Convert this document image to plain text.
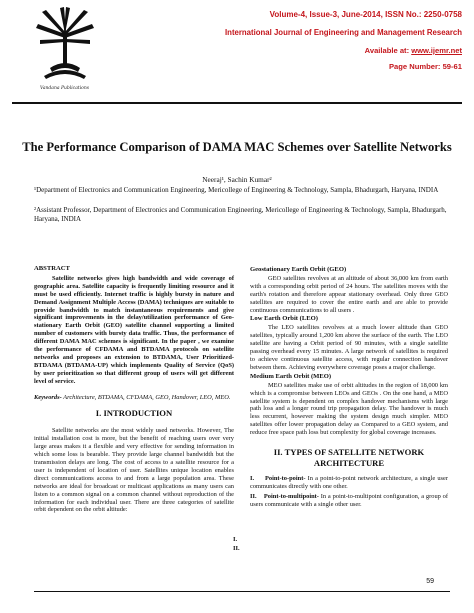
Vandana Publications
Volume-4, Issue-3, June-2014, ISSN No.: 2250-0758
International Journal of Engineering and Management Research
Available at: www.ijemr.net
Page Number: 59-61
The Performance Comparison of DAMA MAC Schemes over Satellite Networks
Neeraj¹, Sachin Kumar²
¹Department of Electronics and Communication Engineering, Mericollege of Engineering & Technology, Sampla, Bhadurgarh, Haryana, INDIA
²Assistant Professor, Department of Electronics and Communication Engineering, Mericollege of Engineering & Technology, Sampla, Bhadurgarh, Haryana, INDIA

ABSTRACT

Satellite networks gives high bandwidth and wide coverage of geographic area. Satellite capacity is frequently limiting resource and it must be used efficiently. Internet traffic is highly bursty in nature and Demand Assignment Multiple Access (DAMA) techniques are suitable to provide bandwidth to match instantaneous requirements and give significant improvements in the delay/utilization performance of Geo-stationary Earth Orbit (GEO) satellite channel supporting a limited number of customers with bursty data traffic. Thus, the performance of different DAMA MAC schemes is significant. In the paper , we examine the performance of CFDAMA and BTDAMA protocols on satellite networks and proposes an extension to BTDAMA, User Prioritized-BTDAMA (BTDAMA-UP) which implements Quality of Service (QoS) by user prioritization so that different group of users will get different level of service.

Keywords- Architecture, BTDAMA, CFDAMA, GEO, Handover, LEO, MEO.

I. INTRODUCTION

Satellite networks are the most widely used networks. However, The initial installation cost is more, but the benefit of reaching users over very large areas makes it a flexible and very effective for sending information in which some loss is bearable. They provide large channel bandwidth but the transmission delays are long. The cost of access to a satellite resource for a user is independent of location of user. Satellites unique location enables direct communications access to and from a large population area. These networks are ideal for broadcast or multicast applications as many users can listen to a common signal on a common channel without reproduction of the information for each individual user. There are three categories of satellite orbit dependent on the orbit altitude:

I.
II.

Geostationary Earth Orbit (GEO)

GEO satellites revolves at an altitude of about 36,000 km from earth with a corresponding orbit period of 24 hours. The satellites moves with the earth's rotation and therefore appear stationary overhead. Only three GEO satellites are required to cover the entire earth and are able to provide continuous communications to all users .

Low Earth Orbit (LEO)

The LEO satellites revolves at a much lower altitude than GEO satellites, typically around 1,200 km above the surface of the earth. The LEO satellite are having a Orbit period of 90 minutes, with a single satellite passing overhead every 15 minutes. A large network of satellites is required to achieve continuous satellite access, with regular connection handover between them. Achieving everywhere coverage poses a major challenge.

Medium Earth Orbit (MEO)

MEO satellites make use of orbit altitudes in the region of 18,000 km which is a compromise between LEOs and GEOs . On the one hand, a MEO satellite system is dependent on complex handover mechanisms with large path loss and a longer round trip propagation delay. The handover is much less recurrent, however making the system design much simpler. MEO satellites offer lower propagation delay as Compared to a GEO system, and reduce free space path loss but complexity for global coverage increases.

II. TYPES OF SATELLITE NETWORK
ARCHITECTURE

I. Point-to-point- In a point-to-point network architecture, a single user communicates directly with one other.

II. Point-to-multipoint- In a point-to-multipoint configuration, a group of users communicate with a single other user.

59
